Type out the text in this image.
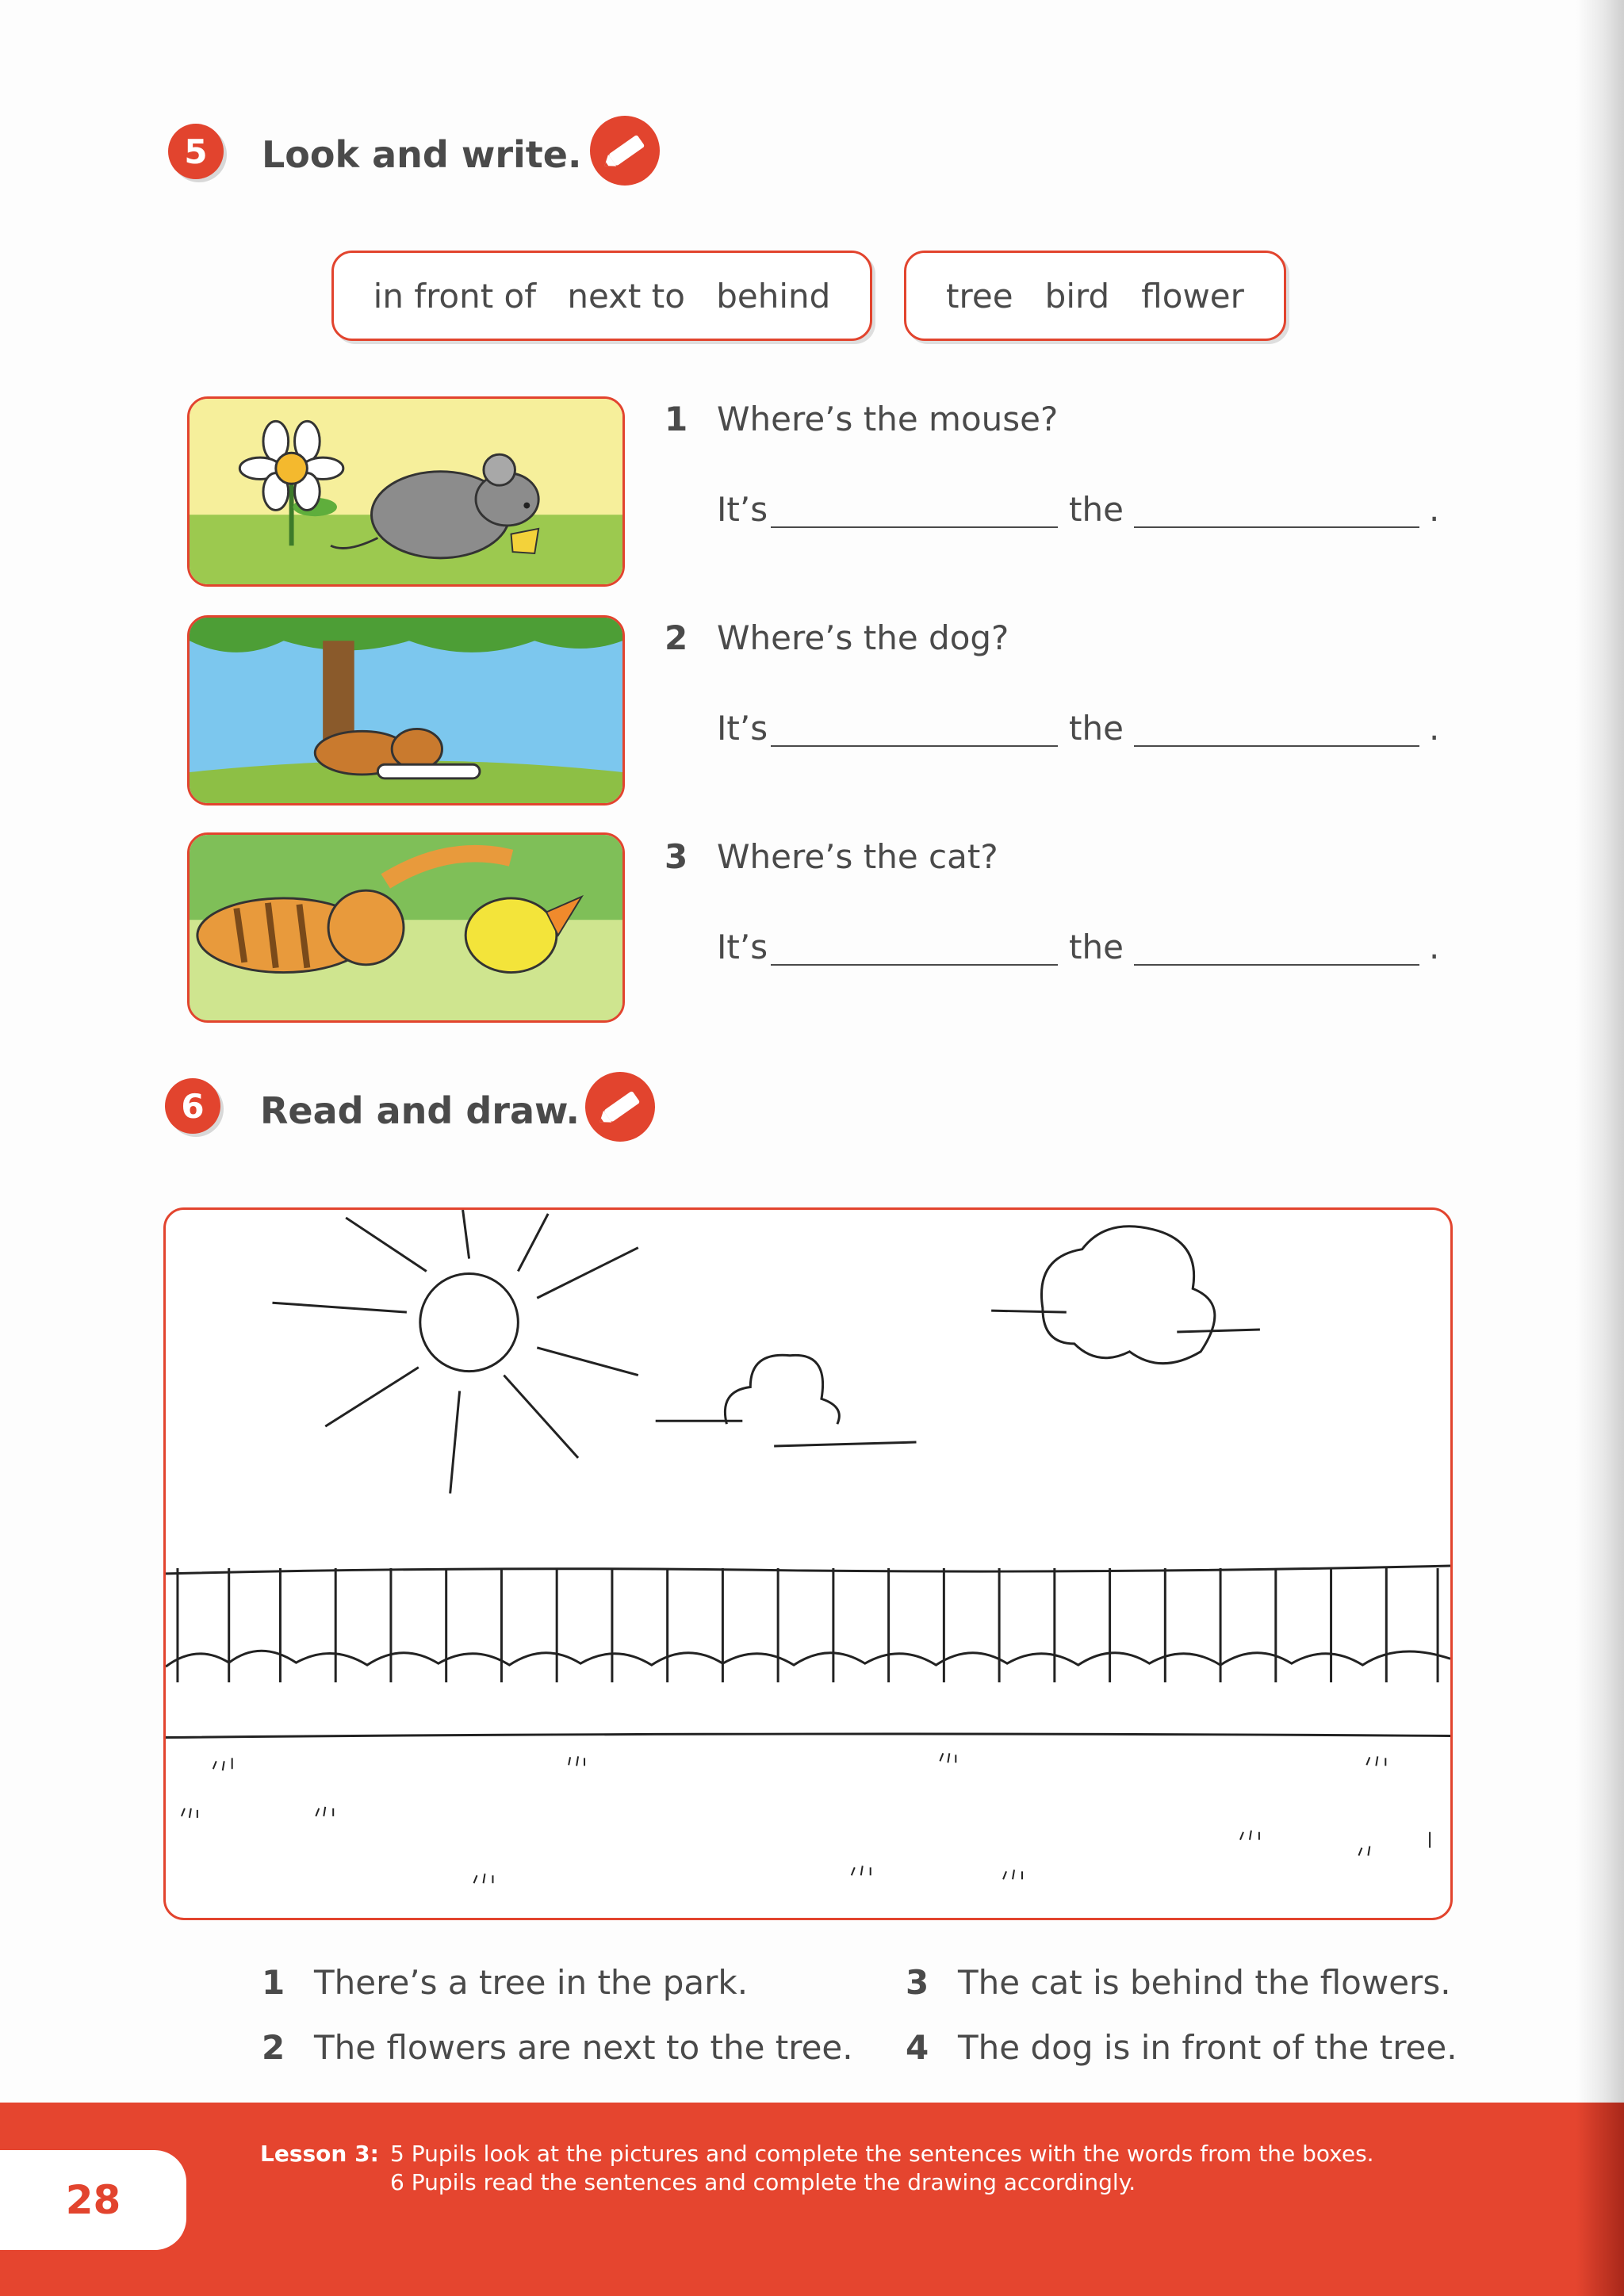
5	Look and write.
in front of next to behind	tree bird flower
1 Where’s the mouse?
It’s	the	.
2 Where’s the dog?
It’s	the	.
3 Where’s the cat?
It’s	the	.
6	Read and draw.
1 There’s a tree in the park.
2 The flowers are next to the tree.
3 The cat is behind the flowers.
4 The dog is in front of the tree.
28
Lesson 3: 5 Pupils look at the pictures and complete the sentences with the words from the boxes.
6 Pupils read the sentences and complete the drawing accordingly.
